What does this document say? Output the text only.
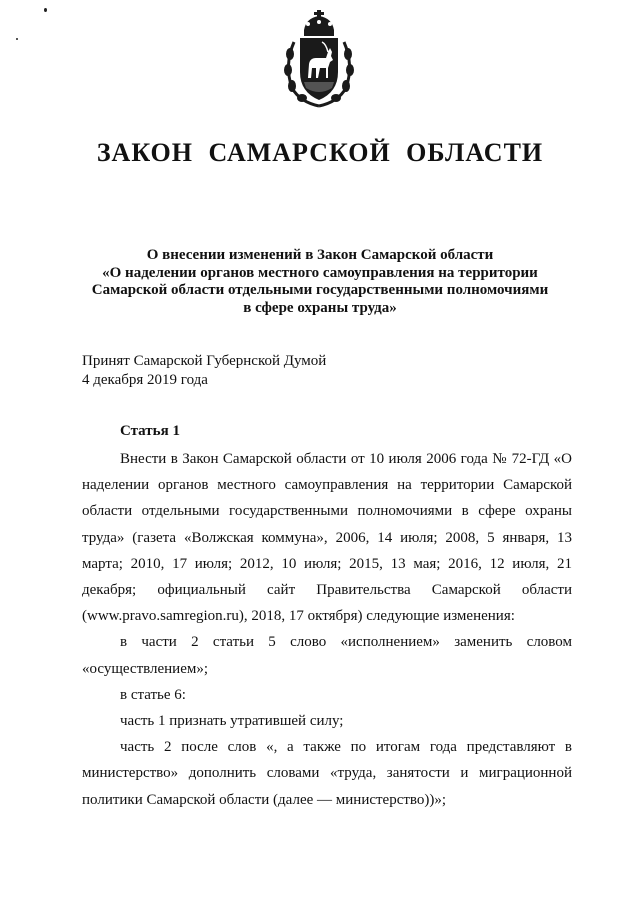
ЗАКОН САМАРСКОЙ ОБЛАСТИ
О внесении изменений в Закон Самарской области
«О наделении органов местного самоуправления на территории
Самарской области отдельными государственными полномочиями
в сфере охраны труда»
Принят Самарской Губернской Думой
4 декабря 2019 года
Статья 1

Внести в Закон Самарской области от 10 июля 2006 года № 72-ГД «О наделении органов местного самоуправления на территории Самарской области отдельными государственными полномочиями в сфере охраны труда» (газета «Волжская коммуна», 2006, 14 июля; 2008, 5 января, 13 марта; 2010, 17 июля; 2012, 10 июля; 2015, 13 мая; 2016, 12 июля, 21 декабря; официальный сайт Правительства Самарской области (www.pravo.samregion.ru), 2018, 17 октября) следующие изменения:

в части 2 статьи 5 слово «исполнением» заменить словом «осуществлением»;

в статье 6:

часть 1 признать утратившей силу;

часть 2 после слов «, а также по итогам года представляют в министерство» дополнить словами «труда, занятости и миграционной политики Самарской области (далее — министерство))»;
